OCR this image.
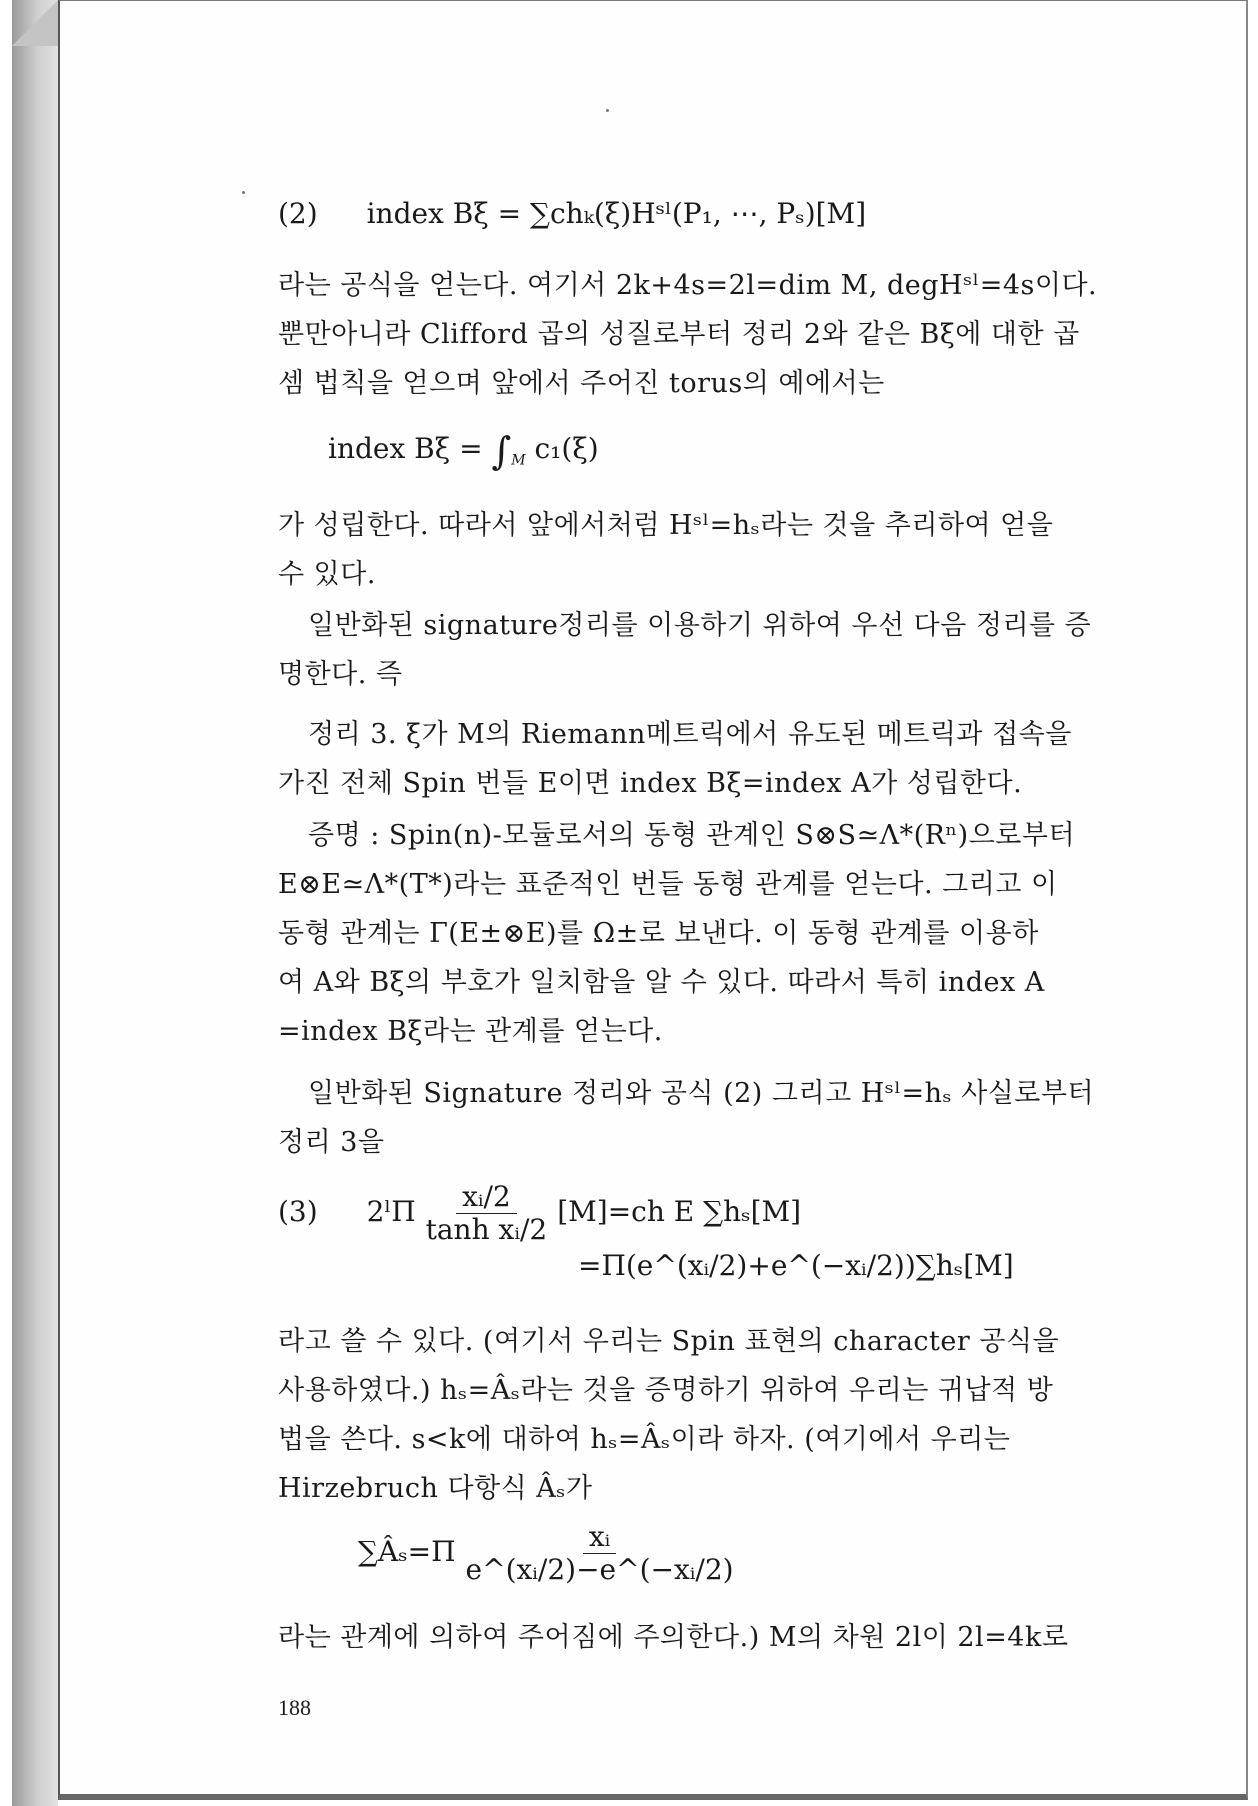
(2) index Bξ = ∑chₖ(ξ)Hˢˡ(P₁, ⋯, Pₛ)[M]
라는 공식을 얻는다. 여기서 2k+4s=2l=dim M, degHˢˡ=4s이다.
뿐만아니라 Clifford 곱의 성질로부터 정리 2와 같은 Bξ에 대한 곱
셈 법칙을 얻으며 앞에서 주어진 torus의 예에서는
index $B\xi = \int_M$ c₁(ξ)
가 성립한다. 따라서 앞에서처럼 Hˢˡ=hₛ라는 것을 추리하여 얻을
수 있다.
일반화된 signature정리를 이용하기 위하여 우선 다음 정리를 증
명한다. 즉
정리 3. ξ가 M의 Riemann메트릭에서 유도된 메트릭과 접속을
가진 전체 Spin 번들 E이면 index Bξ=index A가 성립한다.
증명 : Spin(n)-모듈로서의 동형 관계인 S⊗S≃Λ*(Rⁿ)으로부터
E⊗E≃Λ*(T*)라는 표준적인 번들 동형 관계를 얻는다. 그리고 이
동형 관계는 Γ(E±⊗E)를 Ω±로 보낸다. 이 동형 관계를 이용하
여 A와 Bξ의 부호가 일치함을 알 수 있다. 따라서 특히 index A
=index Bξ라는 관계를 얻는다.
일반화된 Signature 정리와 공식 (2) 그리고 Hˢˡ=hₛ 사실로부터
정리 3을
(3) 2ˡΠ $\frac{\text{xᵢ/2}}{\text{tanh xᵢ/2}} [M]=ch$ E ∑hₛ[M]
=Π(e^(xᵢ/2)+e^(−xᵢ/2))∑hₛ[M]
라고 쓸 수 있다. (여기서 우리는 Spin 표현의 character 공식을
사용하였다.) hₛ=Âₛ라는 것을 증명하기 위하여 우리는 귀납적 방
법을 쓴다. s<k에 대하여 hₛ=Âₛ이라 하자. (여기에서 우리는
Hirzebruch 다항식 Âₛ가
∑Âₛ=Π $\frac{\text{xᵢ}}{\text{e\textasciicircum{}(xᵢ/2)−e\textasciicircum{}(−xᵢ/2)}}$
라는 관계에 의하여 주어짐에 주의한다.) M의 차원 2l이 2l=4k로
188
